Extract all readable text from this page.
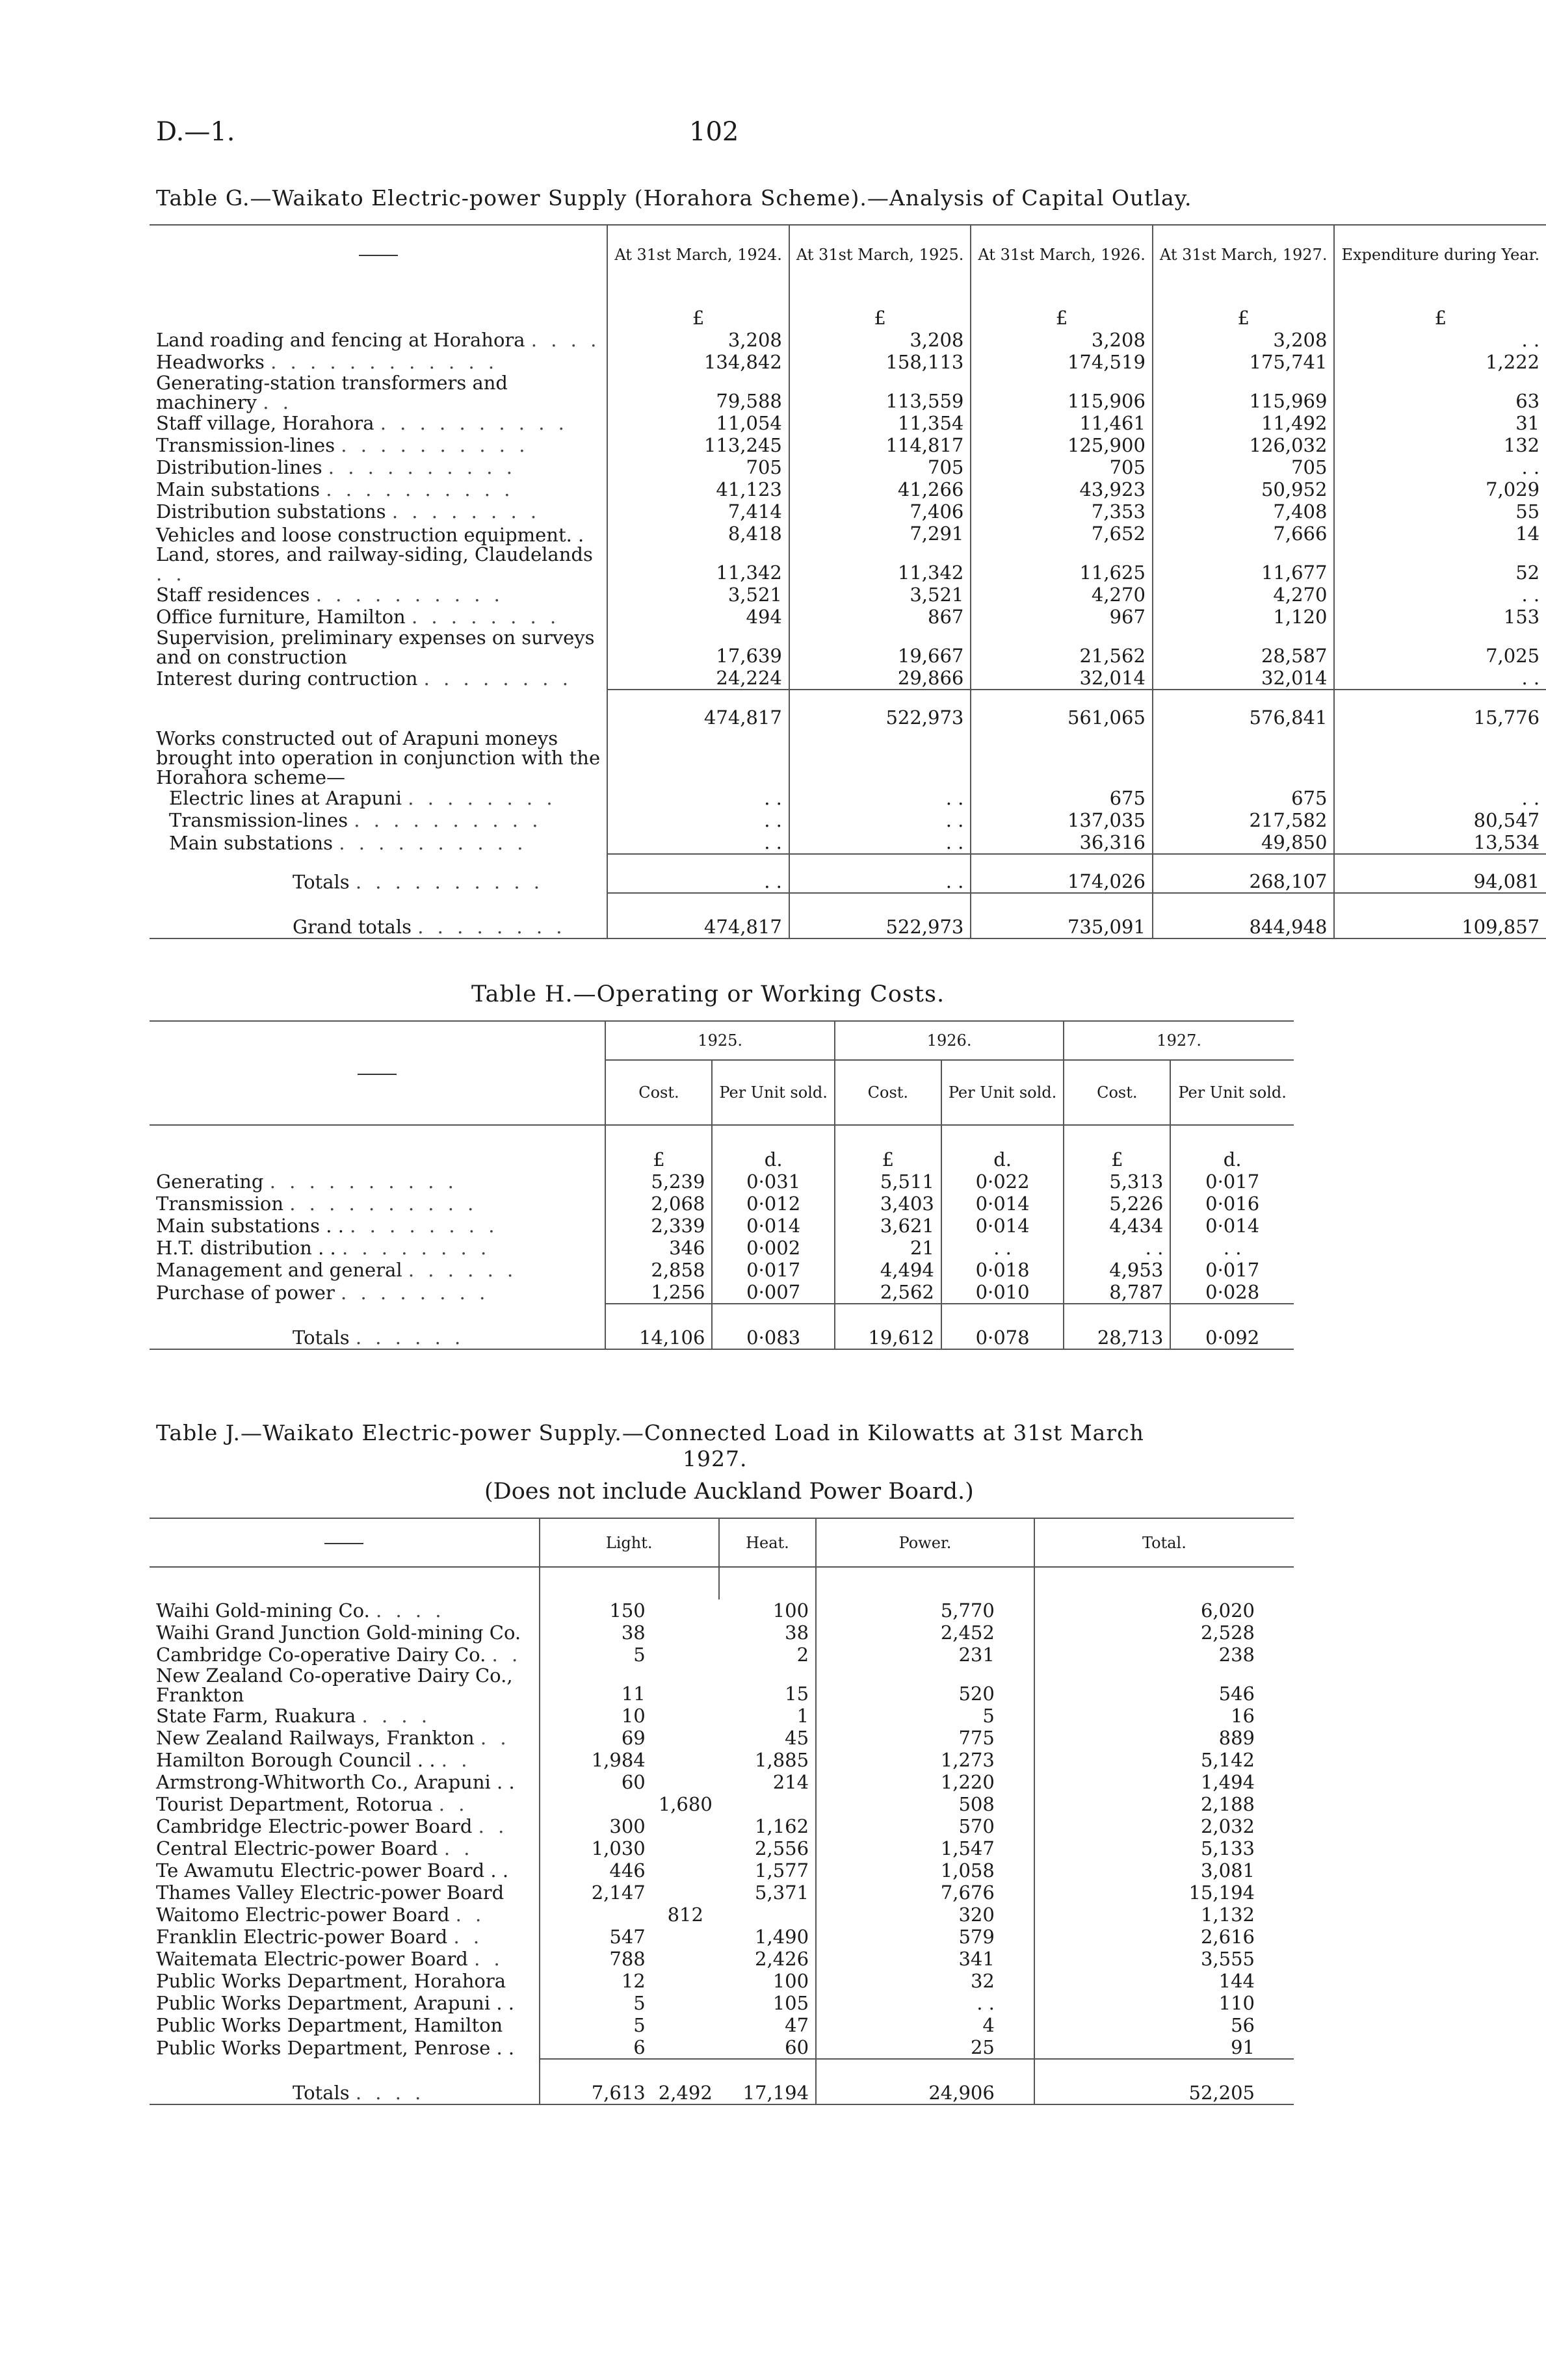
D.—1.	102
Table G.—Waikato Electric-power Supply (Horahora Scheme).—Analysis of Capital Outlay.
	At 31st March, 1924.	At 31st March, 1925.	At 31st March, 1926.	At 31st March, 1927.	Expenditure during Year.
	£	£	£	£	£
Land roading and fencing at Horahora . . . .	3,208	3,208	3,208	3,208	. .
Headworks . . . . . . . . . . . .	134,842	158,113	174,519	175,741	1,222
Generating-station transformers and machinery . .	79,588	113,559	115,906	115,969	63
Staff village, Horahora . . . . . . . . . .	11,054	11,354	11,461	11,492	31
Transmission-lines . . . . . . . . . .	113,245	114,817	125,900	126,032	132
Distribution-lines . . . . . . . . . .	705	705	705	705	. .
Main substations . . . . . . . . . .	41,123	41,266	43,923	50,952	7,029
Distribution substations . . . . . . . .	7,414	7,406	7,353	7,408	55
Vehicles and loose construction equipment. .	8,418	7,291	7,652	7,666	14
Land, stores, and railway-siding, Claudelands . .	11,342	11,342	11,625	11,677	52
Staff residences . . . . . . . . . .	3,521	3,521	4,270	4,270	. .
Office furniture, Hamilton . . . . . . . .	494	867	967	1,120	153
Supervision, preliminary expenses on surveys and on construction	17,639	19,667	21,562	28,587	7,025
Interest during contruction . . . . . . . .	24,224	29,866	32,014	32,014	. .
	474,817	522,973	561,065	576,841	15,776
Works constructed out of Arapuni moneys brought into operation in conjunction with the Horahora scheme—					
Electric lines at Arapuni . . . . . . . .	. .	. .	675	675	. .
Transmission-lines . . . . . . . . . .	. .	. .	137,035	217,582	80,547
Main substations . . . . . . . . . .	. .	. .	36,316	49,850	13,534
Totals . . . . . . . . . .	. .	. .	174,026	268,107	94,081
Grand totals . . . . . . . .	474,817	522,973	735,091	844,948	109,857
Table H.—Operating or Working Costs.
	1925.		1926.		1927.	
	Cost.	Per Unit sold.	Cost.	Per Unit sold.	Cost.	Per Unit sold.
	£	d.	£	d.	£	d.
Generating . . . . . . . . . .	5,239	0·031	5,511	0·022	5,313	0·017
Transmission . . . . . . . . . .	2,068	0·012	3,403	0·014	5,226	0·016
Main substations . . . . . . . . . .	2,339	0·014	3,621	0·014	4,434	0·014
H.T. distribution . . . . . . . . . .	346	0·002	21	. .	. .	. .
Management and general . . . . . .	2,858	0·017	4,494	0·018	4,953	0·017
Purchase of power . . . . . . . .	1,256	0·007	2,562	0·010	8,787	0·028
Totals . . . . . .	14,106	0·083	19,612	0·078	28,713	0·092
Table J.—Waikato Electric-power Supply.—Connected Load in Kilowatts at 31st March
1927.
(Does not include Auckland Power Board.)
	Light.		Heat.	Power.	Total.

Waihi Gold-mining Co. . . . .	150		100	5,770	6,020
Waihi Grand Junction Gold-mining Co.	38		38	2,452	2,528
Cambridge Co-operative Dairy Co. . .	5		2	231	238
New Zealand Co-operative Dairy Co., Frankton	11		15	520	546
State Farm, Ruakura . . . .	10		1	5	16
New Zealand Railways, Frankton . .	69		45	775	889
Hamilton Borough Council . . . .	1,984		1,885	1,273	5,142
Armstrong-Whitworth Co., Arapuni . .	60		214	1,220	1,494
Tourist Department, Rotorua . .		1,680		508	2,188
Cambridge Electric-power Board . .	300		1,162	570	2,032
Central Electric-power Board . .	1,030		2,556	1,547	5,133
Te Awamutu Electric-power Board . .	446		1,577	1,058	3,081
Thames Valley Electric-power Board	2,147		5,371	7,676	15,194
Waitomo Electric-power Board . .		812		320	1,132
Franklin Electric-power Board . .	547		1,490	579	2,616
Waitemata Electric-power Board . .	788		2,426	341	3,555
Public Works Department, Horahora	12		100	32	144
Public Works Department, Arapuni . .	5		105	. .	110
Public Works Department, Hamilton	5		47	4	56
Public Works Department, Penrose . .	6		60	25	91
Totals . . . .	7,613	2,492	17,194	24,906	52,205
